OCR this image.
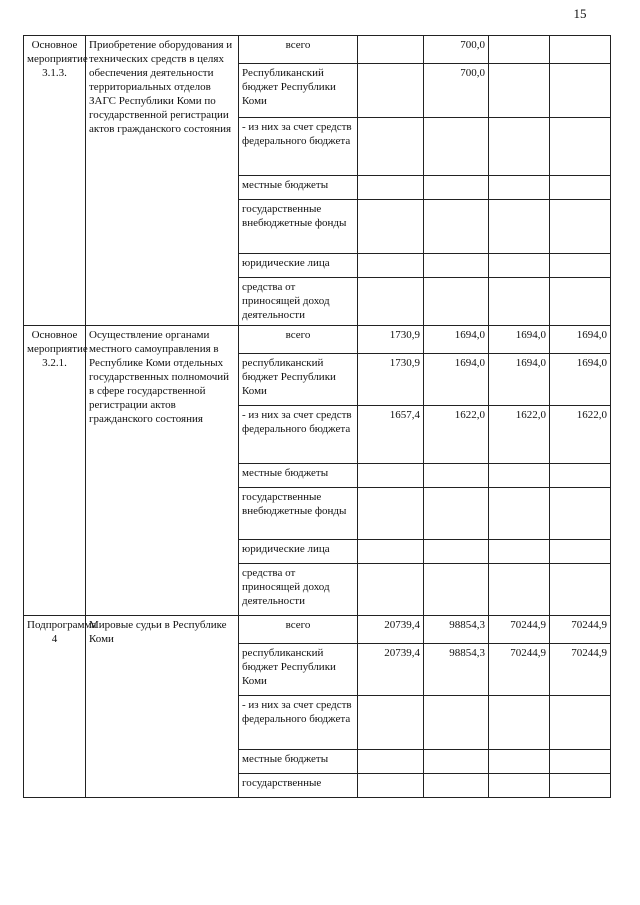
15
Основное мероприятие 3.1.3.	Приобретение оборудования и технических средств в целях обеспечения деятельности территориальных отделов ЗАГС Республики Коми по государственной регистрации актов гражданского состояния	всего		700,0		
		Республиканский бюджет Республики Коми		700,0		
		- из них за счет средств федерального бюджета				
		местные бюджеты				
		государственные внебюджетные фонды				
		юридические лица				
		средства от приносящей доход деятельности				
Основное мероприятие 3.2.1.	Осуществление органами местного самоуправления в Республике Коми отдельных государственных полномочий в сфере государственной регистрации актов гражданского состояния	всего	1730,9	1694,0	1694,0	1694,0
		республиканский бюджет Республики Коми	1730,9	1694,0	1694,0	1694,0
		- из них за счет средств федерального бюджета	1657,4	1622,0	1622,0	1622,0
		местные бюджеты				
		государственные внебюджетные фонды				
		юридические лица				
		средства от приносящей доход деятельности				
Подпрограмма 4	Мировые судьи в Республике Коми	всего	20739,4	98854,3	70244,9	70244,9
		республиканский бюджет Республики Коми	20739,4	98854,3	70244,9	70244,9
		- из них за счет средств федерального бюджета				
		местные бюджеты				
		государственные				
